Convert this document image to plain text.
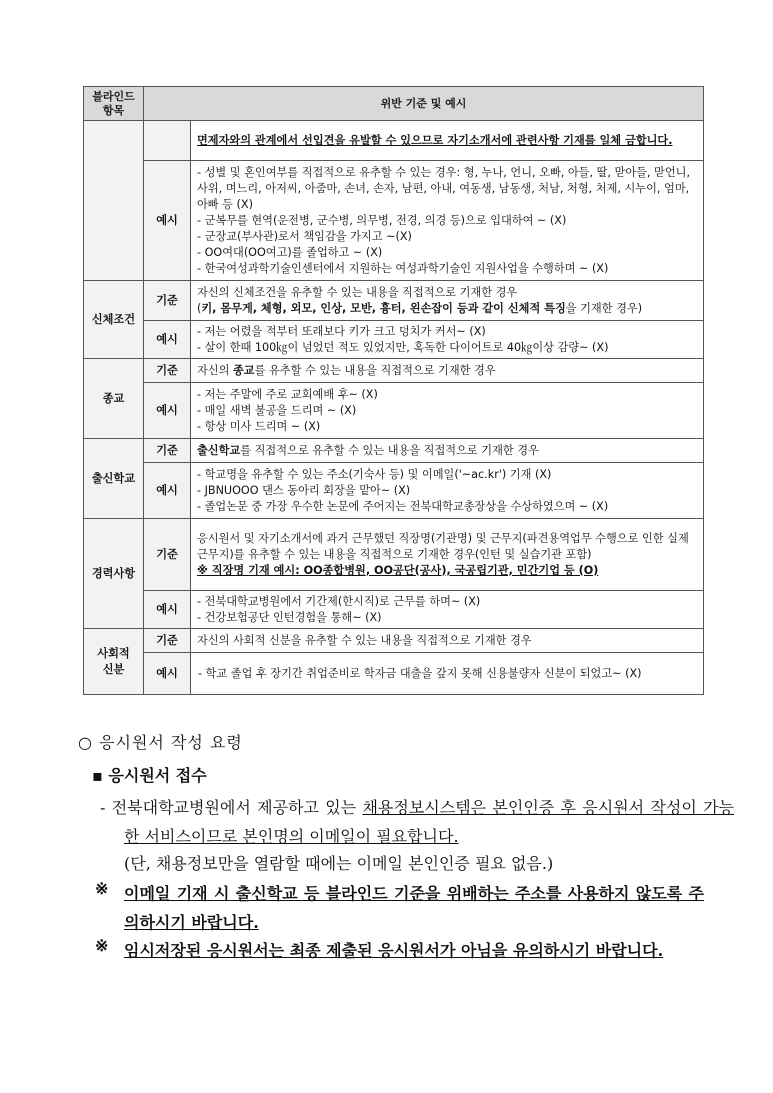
블라인드
항목	위반 기준 및 예시	
		면제자와의 관계에서 선입견을 유발할 수 있으므로 자기소개서에 관련사항 기재를 일체 금합니다.
	예시	- 성별 및 혼인여부를 직접적으로 유추할 수 있는 경우: 형, 누나, 언니, 오빠, 아들, 딸, 맏아들, 맏언니, 사위, 며느리, 아저씨, 아줌마, 손녀, 손자, 남편, 아내, 여동생, 남동생, 처남, 처형, 처제, 시누이, 엄마, 아빠 등 (X)
- 군복무를 현역(운전병, 군수병, 의무병, 전경, 의경 등)으로 입대하여 ~ (X)
- 군장교(부사관)로서 책임감을 가지고 ~(X)
- OO여대(OO여고)를 졸업하고 ~ (X)
- 한국여성과학기술인센터에서 지원하는 여성과학기술인 지원사업을 수행하며 ~ (X)

신체조건	기준	자신의 신체조건을 유추할 수 있는 내용을 직접적으로 기재한 경우
(키, 몸무게, 체형, 외모, 인상, 모반, 흉터, 왼손잡이 등과 같이 신체적 특징을 기재한 경우)

	예시	- 저는 어렸을 적부터 또래보다 키가 크고 덩치가 커서~ (X)
- 살이 한때 100㎏이 넘었던 적도 있었지만, 혹독한 다이어트로 40㎏이상 감량~ (X)

종교	기준	자신의 종교를 유추할 수 있는 내용을 직접적으로 기재한 경우
	예시	- 저는 주말에 주로 교회예배 후~ (X)
- 매일 새벽 불공을 드리며 ~ (X)
- 항상 미사 드리며 ~ (X)

출신학교	기준	출신학교를 직접적으로 유추할 수 있는 내용을 직접적으로 기재한 경우
	예시	- 학교명을 유추할 수 있는 주소(기숙사 등) 및 이메일('~ac.kr') 기재 (X)
- JBNUOOO 댄스 동아리 회장을 맡아~ (X)
- 졸업논문 중 가장 우수한 논문에 주어지는 전북대학교총장상을 수상하였으며 ~ (X)

경력사항	기준	응시원서 및 자기소개서에 과거 근무했던 직장명(기관명) 및 근무지(파견용역업무 수행으로 인한 실제근무지)를 유추할 수 있는 내용을 직접적으로 기재한 경우(인턴 및 실습기관 포함)
※ 직장명 기재 예시: OO종합병원, OO공단(공사), 국공립기관, 민간기업 등 (O)

	예시	- 전북대학교병원에서 기간제(한시직)로 근무를 하며~ (X)
- 건강보험공단 인턴경험을 통해~ (X)

사회적
신분	기준	자신의 사회적 신분을 유추할 수 있는 내용을 직접적으로 기재한 경우
	예시	- 학교 졸업 후 장기간 취업준비로 학자금 대출을 갚지 못해 신용불량자 신분이 되었고~ (X)
○ 응시원서 작성 요령
▪ 응시원서 접수
- 전북대학교병원에서 제공하고 있는 채용정보시스템은 본인인증 후 응시원서 작성이 가능한 서비스이므로 본인명의 이메일이 필요합니다.
(단, 채용정보만을 열람할 때에는 이메일 본인인증 필요 없음.)
※ 이메일 기재 시 출신학교 등 블라인드 기준을 위배하는 주소를 사용하지 않도록 주의하시기 바랍니다.
※ 임시저장된 응시원서는 최종 제출된 응시원서가 아님을 유의하시기 바랍니다.
